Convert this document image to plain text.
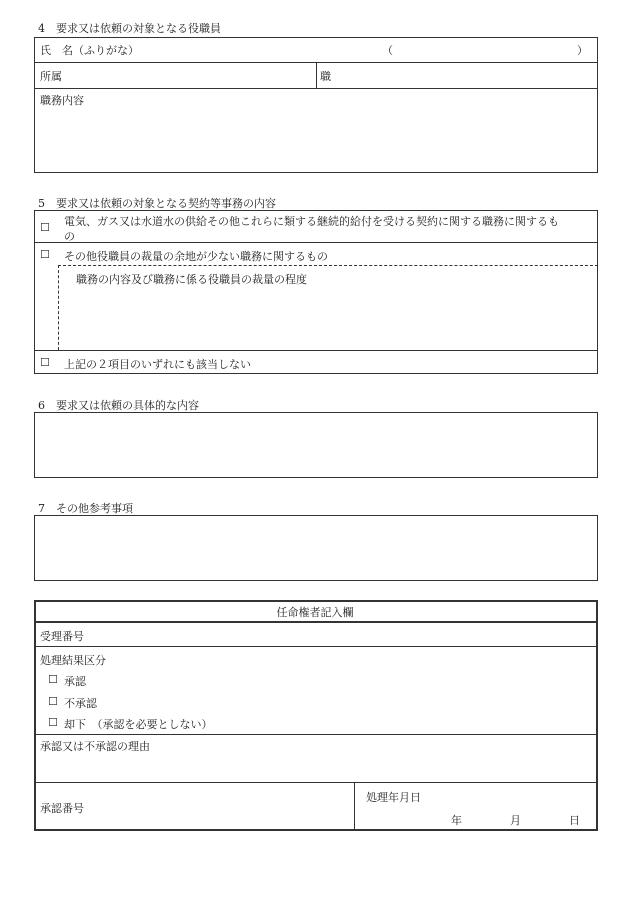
4　要求又は依頼の対象となる役職員
氏　名（ふりがな）	（	）
所属	職
職務内容
5　要求又は依頼の対象となる契約等事務の内容
☐ 電気、ガス又は水道水の供給その他これらに類する継続的給付を受ける契約に関する職務に関するも
の
☐ その他役職員の裁量の余地が少ない職務に関するもの
職務の内容及び職務に係る役職員の裁量の程度
☐ 上記の２項目のいずれにも該当しない
6　要求又は依頼の具体的な内容
7　その他参考事項
任命権者記入欄
受理番号
処理結果区分
☐ 承認
☐ 不承認
☐ 却下　（承認を必要としない）
承認又は不承認の理由
承認番号
処理年月日
年	月	日
